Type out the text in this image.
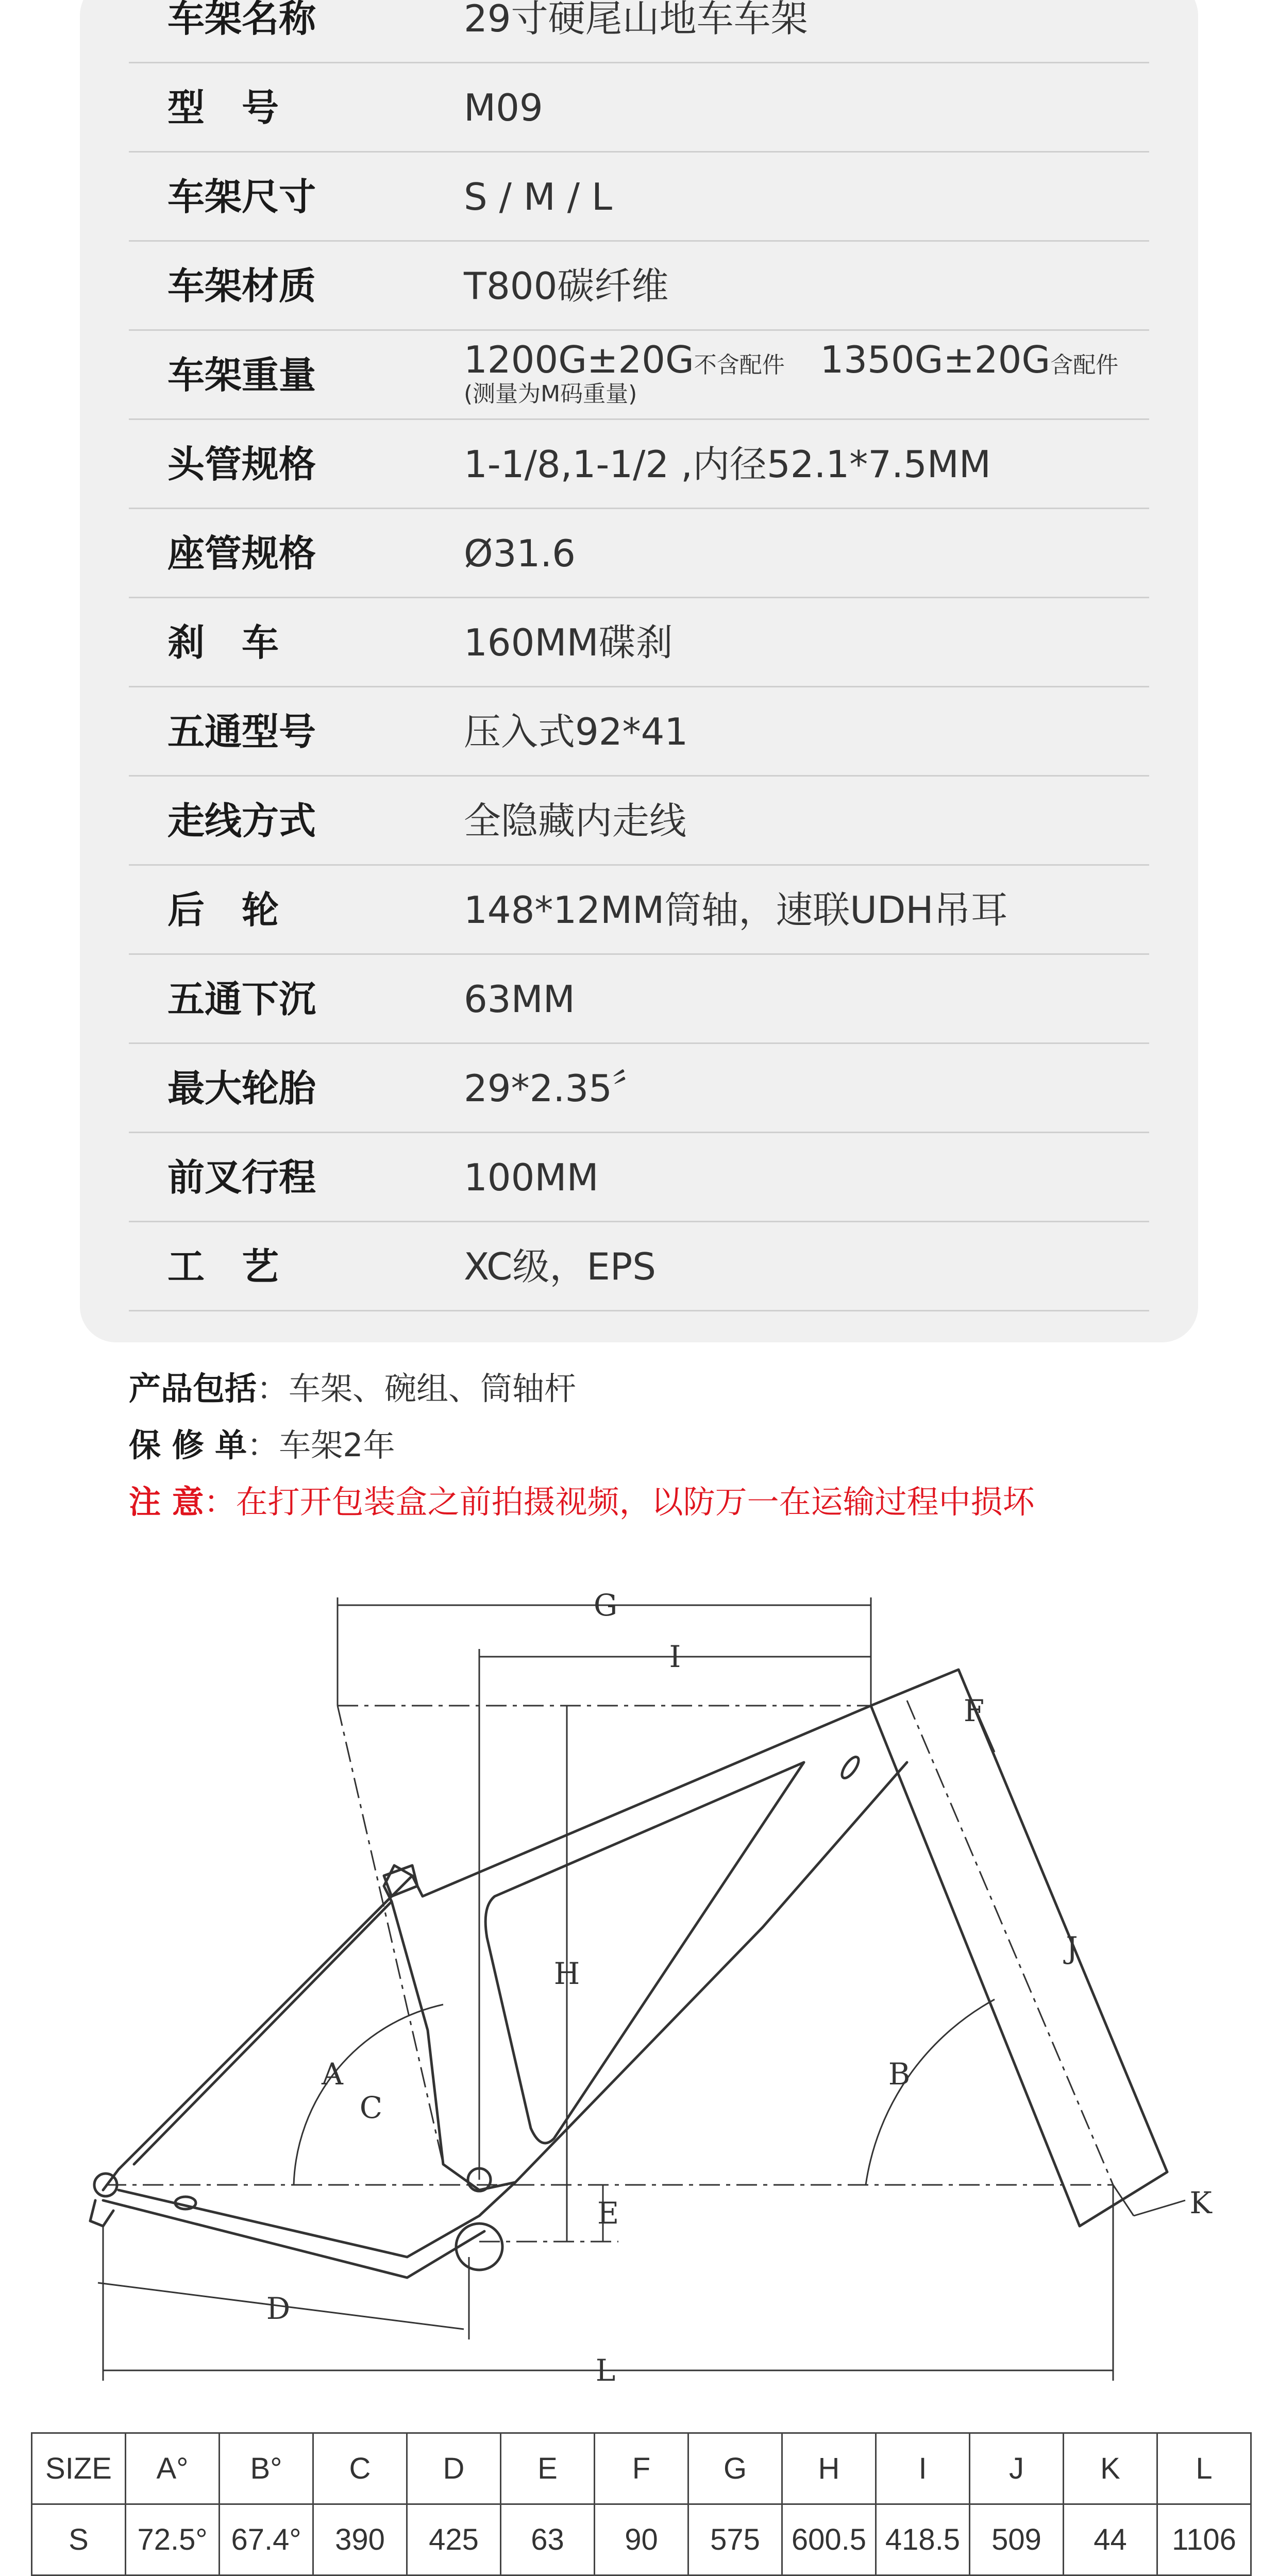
车架名称	29寸硬尾山地车车架
型　号	M09
车架尺寸	S / M / L
车架材质	T800碳纤维
车架重量	1200G±20G不含配件 1350G±20G含配件
(测量为M码重量)
头管规格	1-1/8,1-1/2 ,内径52.1*7.5MM
座管规格	Ø31.6
刹　车	160MM碟刹
五通型号	压入式92*41
走线方式	全隐藏内走线
后　轮	148*12MM筒轴，速联UDH吊耳
五通下沉	63MM
最大轮胎	29*2.35〞
前叉行程	100MM
工　艺	XC级，EPS
产品包括：车架、碗组、筒轴杆
保 修 单：车架2年
注 意：在打开包装盒之前拍摄视频，以防万一在运输过程中损坏
G
I
F
H
J
A	B
C
E	K
D
L
SIZE	A°	B°	C	D	E	F	G	H	I	J	K	L
S	72.5°	67.4°	390	425	63	90	575	600.5	418.5	509	44	1106
